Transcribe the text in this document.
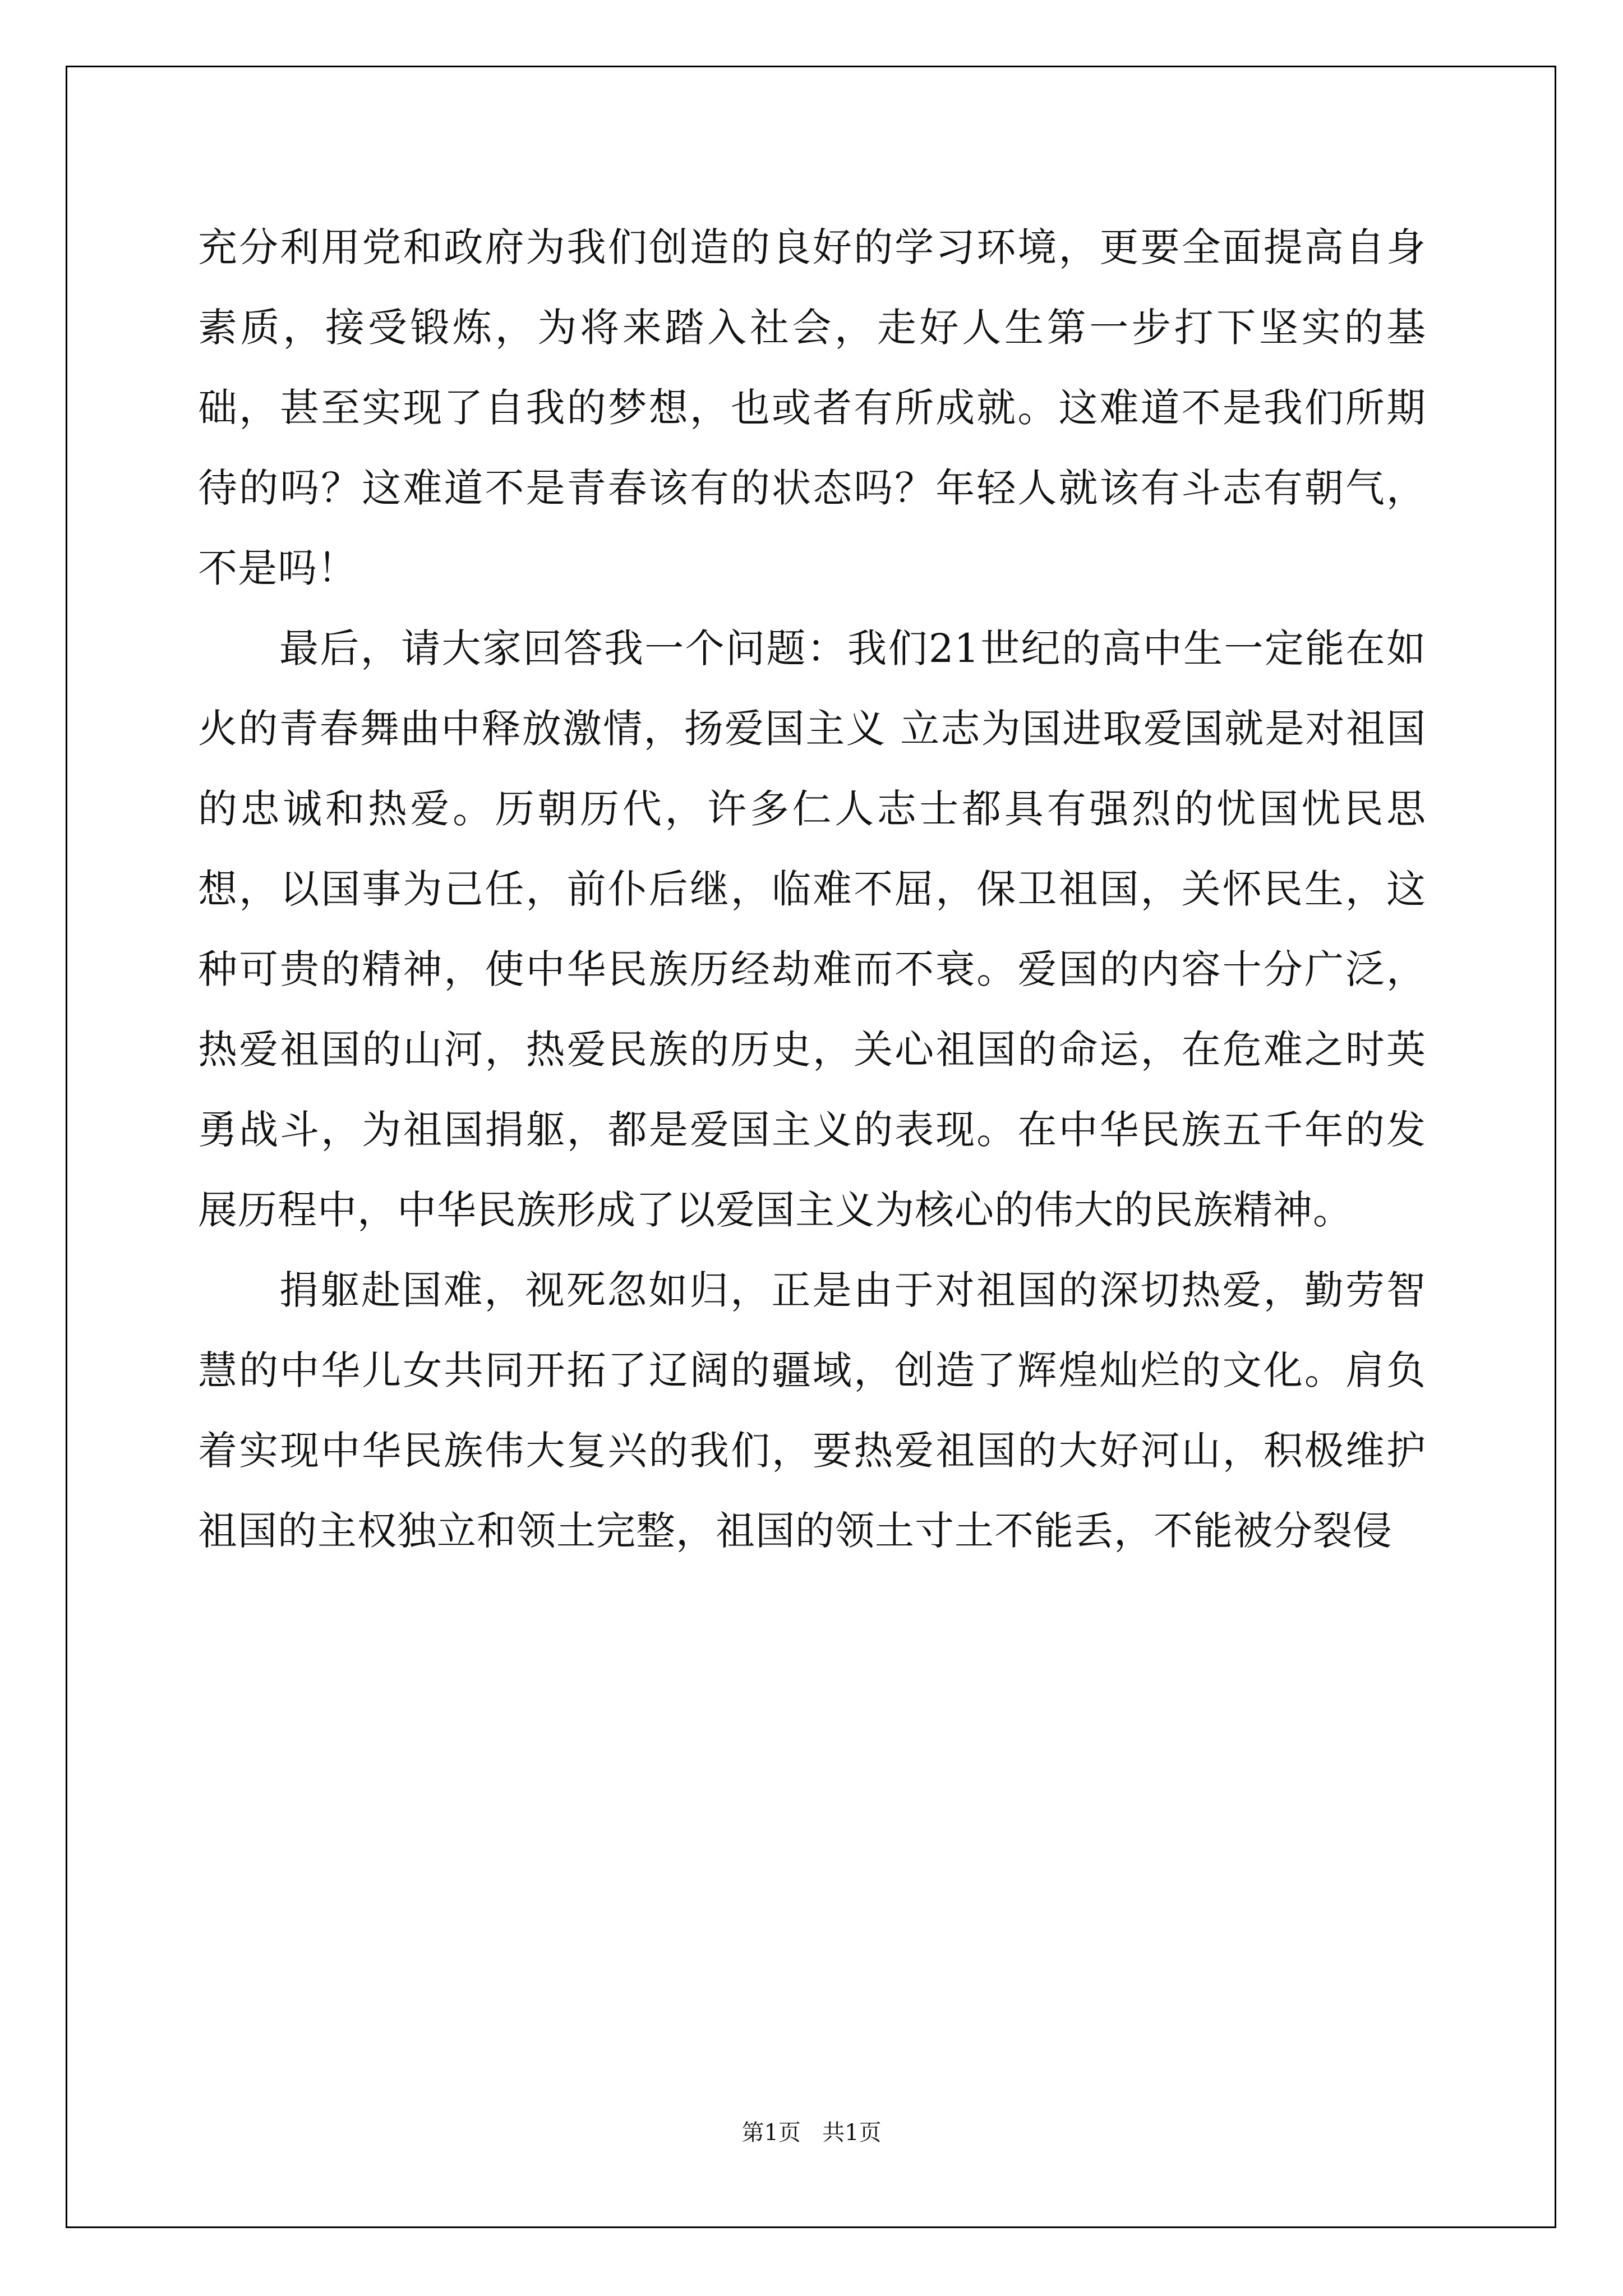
充分利用党和政府为我们创造的良好的学习环境，更要全面提高自身素质，接受锻炼，为将来踏入社会，走好人生第一步打下坚实的基础，甚至实现了自我的梦想，也或者有所成就。这难道不是我们所期待的吗？这难道不是青春该有的状态吗？年轻人就该有斗志有朝气，不是吗！

最后，请大家回答我一个问题：我们21世纪的高中生一定能在如火的青春舞曲中释放激情，扬爱国主义 立志为国进取爱国就是对祖国的忠诚和热爱。历朝历代，许多仁人志士都具有强烈的忧国忧民思想，以国事为己任，前仆后继，临难不屈，保卫祖国，关怀民生，这种可贵的精神，使中华民族历经劫难而不衰。爱国的内容十分广泛，热爱祖国的山河，热爱民族的历史，关心祖国的命运，在危难之时英勇战斗，为祖国捐躯，都是爱国主义的表现。在中华民族五千年的发展历程中，中华民族形成了以爱国主义为核心的伟大的民族精神。

捐躯赴国难，视死忽如归，正是由于对祖国的深切热爱，勤劳智慧的中华儿女共同开拓了辽阔的疆域，创造了辉煌灿烂的文化。肩负着实现中华民族伟大复兴的我们，要热爱祖国的大好河山，积极维护祖国的主权独立和领土完整，祖国的领土寸土不能丢，不能被分裂侵

第1页 共1页
